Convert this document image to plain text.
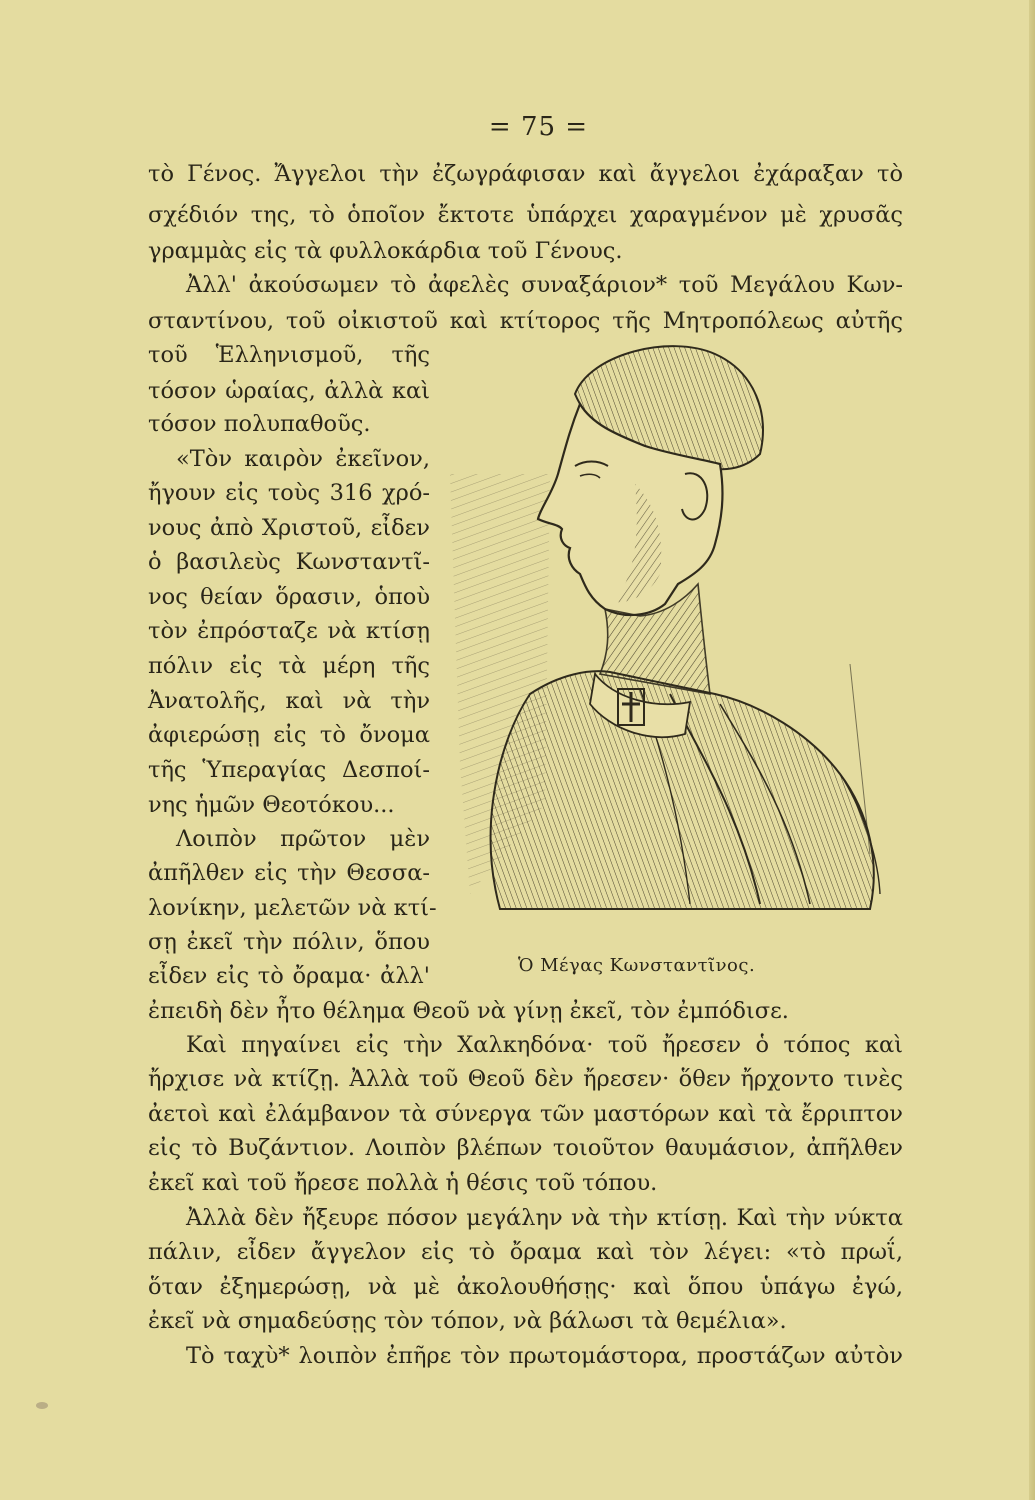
= 75 =
τὸ Γένος. Ἄγγελοι τὴν ἐζωγράφισαν καὶ ἄγγελοι ἐχάραξαν τὸ
σχέδιόν της, τὸ ὁποῖον ἔκτοτε ὑπάρχει χαραγμένον μὲ χρυσᾶς
γραμμὰς εἰς τὰ φυλλοκάρδια τοῦ Γένους.
Ἀλλ' ἀκούσωμεν τὸ ἀφελὲς συναξάριον* τοῦ Μεγάλου Κων-
σταντίνου, τοῦ οἰκιστοῦ καὶ κτίτορος τῆς Μητροπόλεως αὐτῆς
τοῦ Ἑλληνισμοῦ, τῆς
τόσον ὡραίας, ἀλλὰ καὶ
τόσον πολυπαθοῦς.
«Τὸν καιρὸν ἐκεῖνον,
ἤγουν εἰς τοὺς 316 χρό-
νους ἀπὸ Χριστοῦ, εἶδεν
ὁ βασιλεὺς Κωνσταντῖ-
νος θείαν ὅρασιν, ὁποὺ
τὸν ἐπρόσταζε νὰ κτίσῃ
πόλιν εἰς τὰ μέρη τῆς
Ἀνατολῆς, καὶ νὰ τὴν
ἀφιερώσῃ εἰς τὸ ὄνομα
τῆς Ὑπεραγίας Δεσποί-
νης ἡμῶν Θεοτόκου...
Λοιπὸν πρῶτον μὲν
ἀπῆλθεν εἰς τὴν Θεσσα-
λονίκην, μελετῶν νὰ κτί-
σῃ ἐκεῖ τὴν πόλιν, ὅπου
εἶδεν εἰς τὸ ὄραμα· ἀλλ'
ἐπειδὴ δὲν ἦτο θέλημα Θεοῦ νὰ γίνῃ ἐκεῖ, τὸν ἐμπόδισε.
Καὶ πηγαίνει εἰς τὴν Χαλκηδόνα· τοῦ ἤρεσεν ὁ τόπος καὶ
ἤρχισε νὰ κτίζῃ. Ἀλλὰ τοῦ Θεοῦ δὲν ἤρεσεν· ὅθεν ἤρχοντο τινὲς
ἀετοὶ καὶ ἐλάμβανον τὰ σύνεργα τῶν μαστόρων καὶ τὰ ἔρριπτον
εἰς τὸ Βυζάντιον. Λοιπὸν βλέπων τοιοῦτον θαυμάσιον, ἀπῆλθεν
ἐκεῖ καὶ τοῦ ἤρεσε πολλὰ ἡ θέσις τοῦ τόπου.
Ἀλλὰ δὲν ἤξευρε πόσον μεγάλην νὰ τὴν κτίσῃ. Καὶ τὴν νύκτα
πάλιν, εἶδεν ἄγγελον εἰς τὸ ὄραμα καὶ τὸν λέγει: «τὸ πρωΐ,
ὅταν ἐξημερώσῃ, νὰ μὲ ἀκολουθήσῃς· καὶ ὅπου ὑπάγω ἐγώ,
ἐκεῖ νὰ σημαδεύσῃς τὸν τόπον, νὰ βάλωσι τὰ θεμέλια».
Τὸ ταχὺ* λοιπὸν ἐπῆρε τὸν πρωτομάστορα, προστάζων αὐτὸν
Ὁ Μέγας Κωνσταντῖνος.
